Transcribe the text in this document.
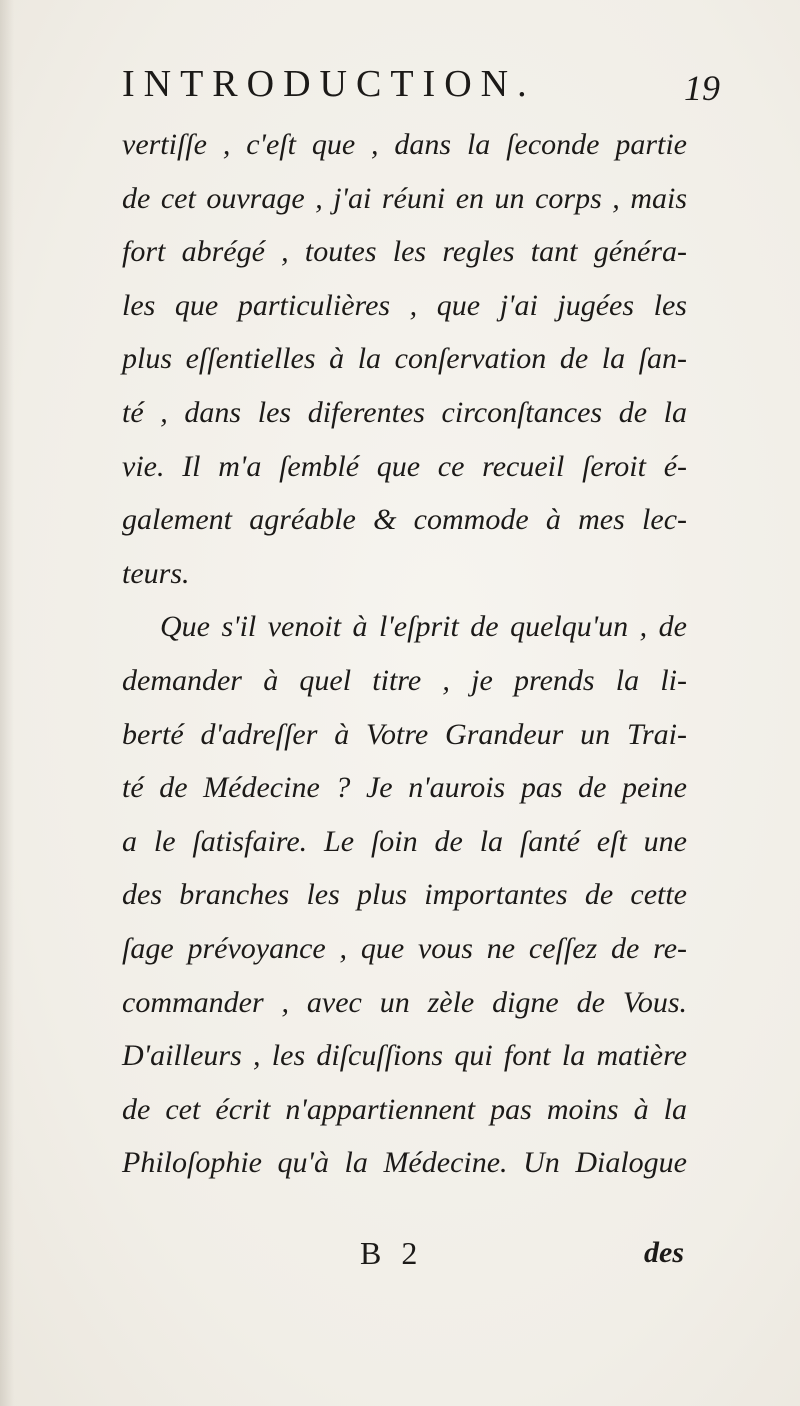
INTRODUCTION.	19
vertiſſe , c'eſt que , dans la ſeconde partie
de cet ouvrage , j'ai réuni en un corps , mais
fort abrégé , toutes les regles tant généra-
les que particulières , que j'ai jugées les
plus eſſentielles à la conſervation de la ſan-
té , dans les diferentes circonſtances de la
vie. Il m'a ſemblé que ce recueil ſeroit é-
galement agréable & commode à mes lec-
teurs.
Que s'il venoit à l'eſprit de quelqu'un , de
demander à quel titre , je prends la li-
berté d'adreſſer à Votre Grandeur un Trai-
té de Médecine ? Je n'aurois pas de peine
a le ſatisfaire. Le ſoin de la ſanté eſt une
des branches les plus importantes de cette
ſage prévoyance , que vous ne ceſſez de re-
commander , avec un zèle digne de Vous.
D'ailleurs , les diſcuſſions qui font la matière
de cet écrit n'appartiennent pas moins à la
Philoſophie qu'à la Médecine. Un Dialogue
B 2	des
